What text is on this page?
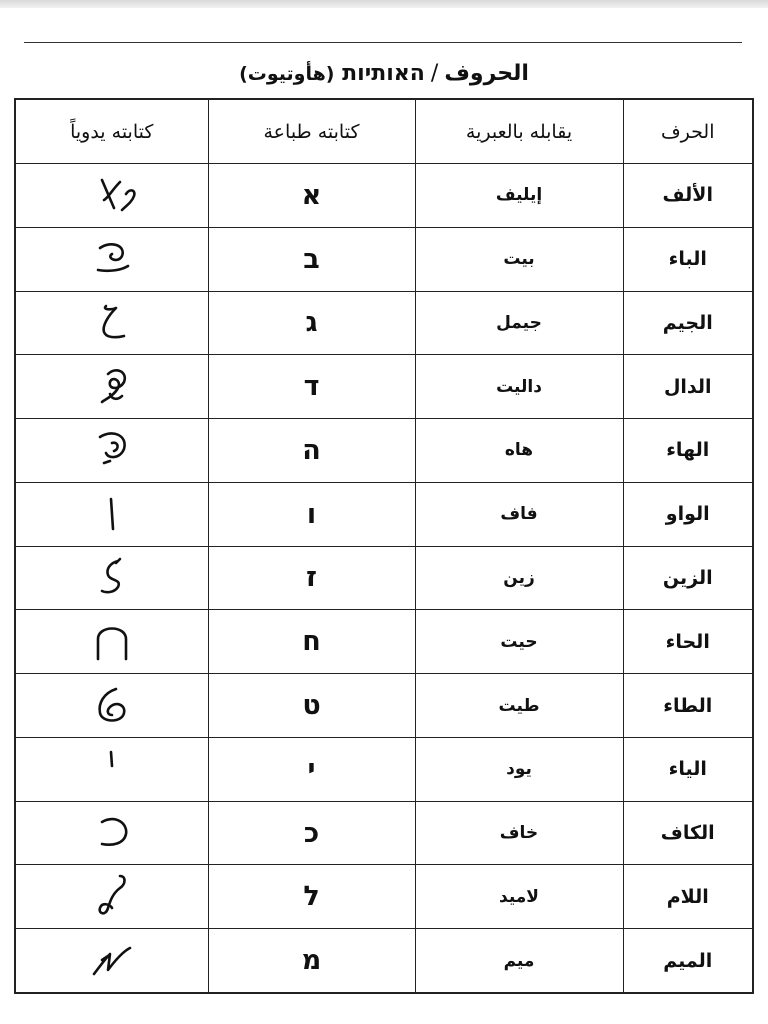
الحروف/האותיות (هأوتيوت)
الحرف	يقابله بالعبرية	كتابته طباعة	كتابته يدوياً
الألف	إيليف	א	

الباء	بيت	ב	

الجيم	جيمل	ג	

الدال	داليت	ד	

الهاء	هاه	ה	

الواو	فاف	ו	

الزين	زين	ז	

الحاء	حيت	ח	

الطاء	طيت	ט	

الياء	يود	י	

الكاف	خاف	כ	

اللام	لاميد	ל	

الميم	ميم	מ	
